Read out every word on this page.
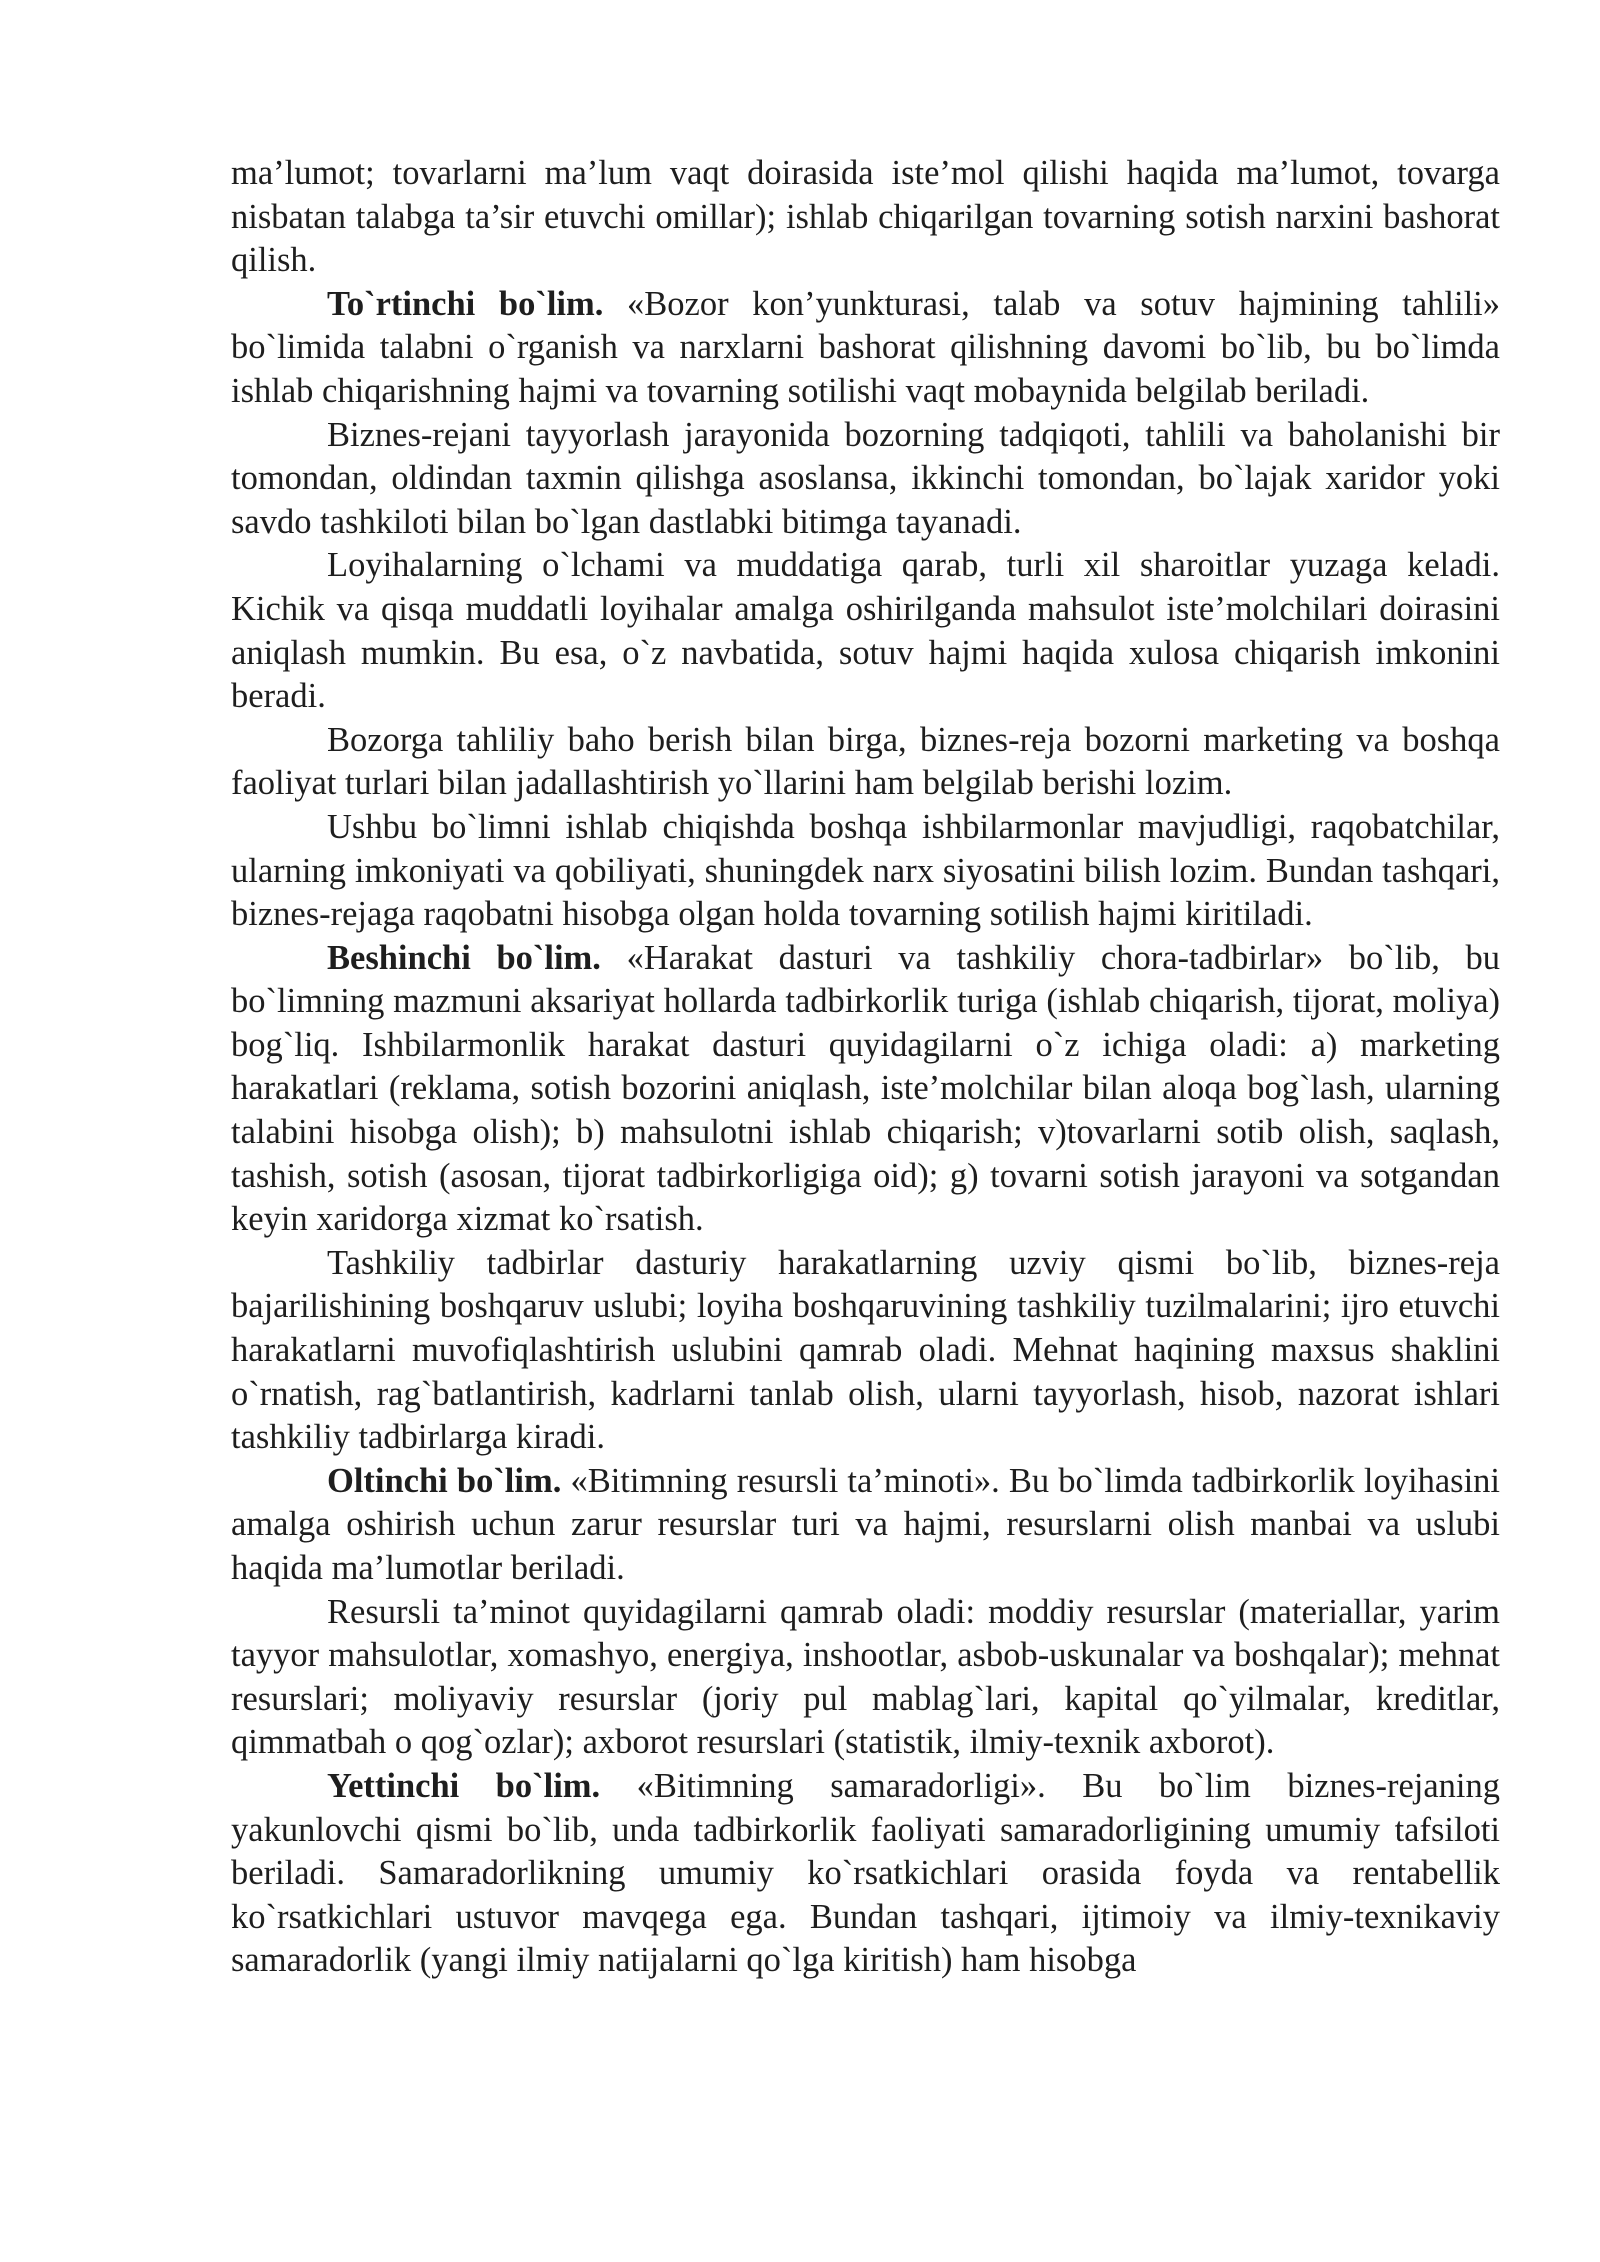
ma’lumot; tovarlarni ma’lum vaqt doirasida iste’mol qilishi haqida ma’lumot, tovarga nisbatan talabga ta’sir etuvchi omillar); ishlab chiqarilgan tovarning sotish narxini bashorat qilish.

To`rtinchi bo`lim. «Bozor kon’yunkturasi, talab va sotuv hajmining tahlili» bo`limida talabni o`rganish va narxlarni bashorat qilishning davomi bo`lib, bu bo`limda ishlab chiqarishning hajmi va tovarning sotilishi vaqt mobaynida belgilab beriladi.

Biznes-rejani tayyorlash jarayonida bozorning tadqiqoti, tahlili va baholanishi bir tomondan, oldindan taxmin qilishga asoslansa, ikkinchi tomondan, bo`lajak xaridor yoki savdo tashkiloti bilan bo`lgan dastlabki bitimga tayanadi.

Loyihalarning o`lchami va muddatiga qarab, turli xil sharoitlar yuzaga keladi. Kichik va qisqa muddatli loyihalar amalga oshirilganda mahsulot iste’molchilari doirasini aniqlash mumkin. Bu esa, o`z navbatida, sotuv hajmi haqida xulosa chiqarish imkonini beradi.

Bozorga tahliliy baho berish bilan birga, biznes-reja bozorni marketing va boshqa faoliyat turlari bilan jadallashtirish yo`llarini ham belgilab berishi lozim.

Ushbu bo`limni ishlab chiqishda boshqa ishbilarmonlar mavjudligi, raqobatchilar, ularning imkoniyati va qobiliyati, shuningdek narx siyosatini bilish lozim. Bundan tashqari, biznes-rejaga raqobatni hisobga olgan holda tovarning sotilish hajmi kiritiladi.

Beshinchi bo`lim. «Harakat dasturi va tashkiliy chora-tadbirlar» bo`lib, bu bo`limning mazmuni aksariyat hollarda tadbirkorlik turiga (ishlab chiqarish, tijorat, moliya) bog`liq. Ishbilarmonlik harakat dasturi quyidagilarni o`z ichiga oladi: a) marketing harakatlari (reklama, sotish bozorini aniqlash, iste’molchilar bilan aloqa bog`lash, ularning talabini hisobga olish); b) mahsulotni ishlab chiqarish; v)tovarlarni sotib olish, saqlash, tashish, sotish (asosan, tijorat tadbirkorligiga oid); g) tovarni sotish jarayoni va sotgandan keyin xaridorga xizmat ko`rsatish.

Tashkiliy tadbirlar dasturiy harakatlarning uzviy qismi bo`lib, biznes-reja bajarilishining boshqaruv uslubi; loyiha boshqaruvining tashkiliy tuzilmalarini; ijro etuvchi harakatlarni muvofiqlashtirish uslubini qamrab oladi. Mehnat haqining maxsus shaklini o`rnatish, rag`batlantirish, kadrlarni tanlab olish, ularni tayyorlash, hisob, nazorat ishlari tashkiliy tadbirlarga kiradi.

Oltinchi bo`lim. «Bitimning resursli ta’minoti». Bu bo`limda tadbirkorlik loyihasini amalga oshirish uchun zarur resurslar turi va hajmi, resurslarni olish manbai va uslubi haqida ma’lumotlar beriladi.

Resursli ta’minot quyidagilarni qamrab oladi: moddiy resurslar (materiallar, yarim tayyor mahsulotlar, xomashyo, energiya, inshootlar, asbob-uskunalar va boshqalar); mehnat resurslari; moliyaviy resurslar (joriy pul mablag`lari, kapital qo`yilmalar, kreditlar, qimmatbah o qog`ozlar); axborot resurslari (statistik, ilmiy-texnik axborot).

Yettinchi bo`lim. «Bitimning samaradorligi». Bu bo`lim biznes-rejaning yakunlovchi qismi bo`lib, unda tadbirkorlik faoliyati samaradorligining umumiy tafsiloti beriladi. Samaradorlikning umumiy ko`rsatkichlari orasida foyda va rentabellik ko`rsatkichlari ustuvor mavqega ega. Bundan tashqari, ijtimoiy va ilmiy-texnikaviy samaradorlik (yangi ilmiy natijalarni qo`lga kiritish) ham hisobga
